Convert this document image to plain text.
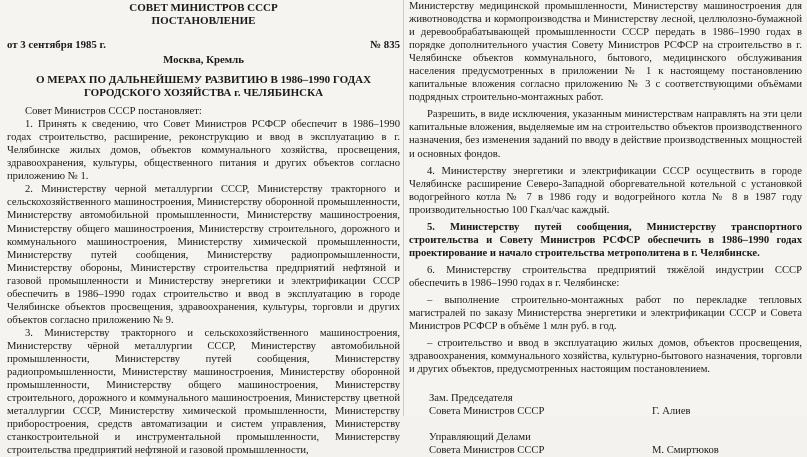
СОВЕТ МИНИСТРОВ СССР
ПОСТАНОВЛЕНИЕ
от 3 сентября 1985 г.	№ 835
Москва, Кремль
О МЕРАХ ПО ДАЛЬНЕЙШЕМУ РАЗВИТИЮ В 1986–1990 ГОДАХ
ГОРОДСКОГО ХОЗЯЙСТВА г. ЧЕЛЯБИНСКА

Совет Министров СССР постановляет:

1. Принять к сведению, что Совет Министров РСФСР обеспечит в 1986–1990 годах строительство, расширение, реконструкцию и ввод в эксплуатацию в г. Челябинске жилых домов, объектов коммунального хозяйства, просвещения, здравоохранения, культуры, общественного питания и других объектов согласно приложению № 1.

2. Министерству черной металлургии СССР, Министерству тракторного и сельскохозяйственного машиностроения, Министерству оборонной промышленности, Министерству автомобильной промышленности, Министерству машиностроения, Министерству общего машиностроения, Министерству строительного, дорожного и коммунального машиностроения, Министерству химической промышленности, Министерству путей сообщения, Министерству радиопромышленности, Министерству обороны, Министерству строительства предприятий нефтяной и газовой промышленности и Министерству энергетики и электрификации СССР обеспечить в 1986–1990 годах строительство и ввод в эксплуатацию в городе Челябинске объектов просвещения, здравоохранения, культуры, торговли и других объектов согласно приложению № 9.

3. Министерству тракторного и сельскохозяйственного машиностроения, Министерству чёрной металлургии СССР, Министерству автомобильной промышленности, Министерству путей сообщения, Министерству радиопромышленности, Министерству машиностроения, Министерству оборонной промышленности, Министерству общего машиностроения, Министерству строительного, дорожного и коммунального машиностроения, Министерству цветной металлургии СССР, Министерству химической промышленности, Министерству приборостроения, средств автоматизации и систем управления, Министерству станкостроительной и инструментальной промышленности, Министерству строительства предприятий нефтяной и газовой промышленности,

Министерству медицинской промышленности, Министерству машиностроения для животноводства и кормопроизводства и Министерству лесной, целлюлозно-бумажной и деревообрабатывающей промышленности СССР передать в 1986–1990 годах в порядке дополнительного участия Совету Министров РСФСР на строительство в г. Челябинске объектов коммунального, бытового, медицинского обслуживания населения предусмотренных в приложении № 1 к настоящему постановлению капитальные вложения согласно приложению № 3 с соответствующими объёмами подрядных строительно-монтажных работ.

Разрешить, в виде исключения, указанным министерствам направлять на эти цели капитальные вложения, выделяемые им на строительство объектов производственного назначения, без изменения заданий по вводу в действие производственных мощностей и основных фондов.

4. Министерству энергетики и электрификации СССР осуществить в городе Челябинске расширение Северо-Западной оборгевательной котельной с установкой водогрейного котла № 7 в 1986 году и водогрейного котла № 8 в 1987 году производительностью 100 Гкал/час каждый.

5. Министерству путей сообщения, Министерству транспортного строительства и Совету Министров РСФСР обеспечить в 1986–1990 годах проектирование и начало строительства метрополитена в г. Челябинске.

6. Министерству строительства предприятий тяжёлой индустрии СССР обеспечить в 1986–1990 годах в г. Челябинске:

– выполнение строительно-монтажных работ по перекладке тепловых магистралей по заказу Министерства энергетики и электрификации СССР и Совета Министров РСФСР в объёме 1 млн руб. в год.

– строительство и ввод в эксплуатацию жилых домов, объектов просвещения, здравоохранения, коммунального хозяйства, культурно-бытового назначения, торговли и других объектов, предусмотренных настоящим постановлением.

Зам. Председателя
Совета Министров СССР	Г. Алиев
Управляющий Делами
Совета Министров СССР	М. Смиртюков
